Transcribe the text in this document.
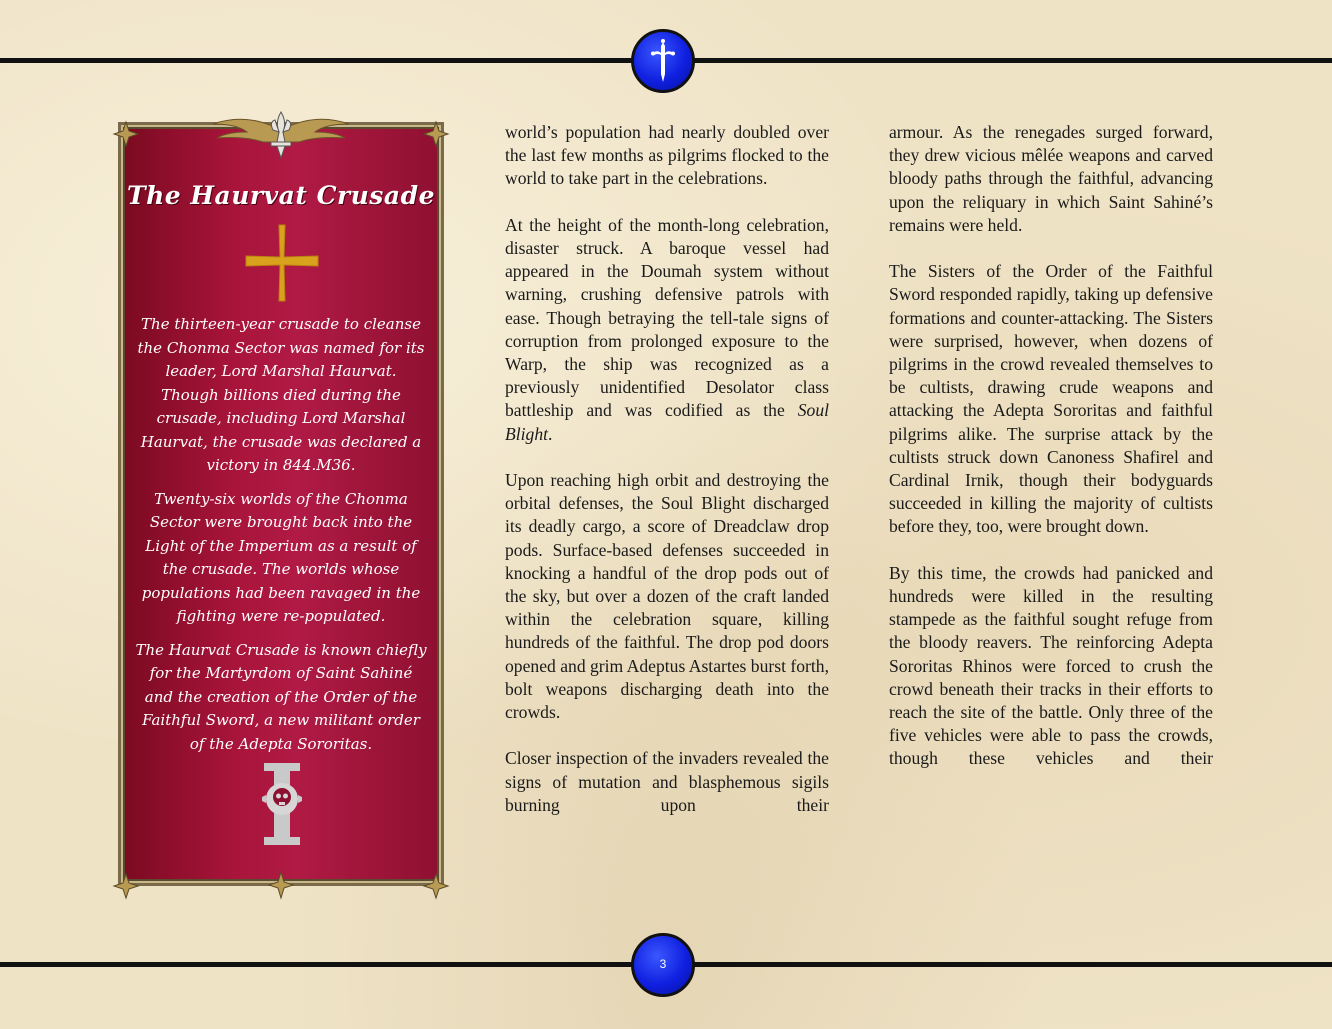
3
The Haurvat Crusade

The thirteen-year crusade to cleanse the Chonma Sector was named for its leader, Lord Marshal Haurvat. Though billions died during the crusade, including Lord Marshal Haurvat, the crusade was declared a victory in 844.M36.

Twenty-six worlds of the Chonma Sector were brought back into the Light of the Imperium as a result of the crusade. The worlds whose populations had been ravaged in the fighting were re-populated.

The Haurvat Crusade is known chiefly for the Martyrdom of Saint Sahiné and the creation of the Order of the Faithful Sword, a new militant order of the Adepta Sororitas.

world’s population had nearly doubled over the last few months as pilgrims flocked to the world to take part in the celebrations.

At the height of the month-long celebration, disaster struck. A baroque vessel had appeared in the Doumah system without warning, crushing defensive patrols with ease. Though betraying the tell-tale signs of corruption from prolonged exposure to the Warp, the ship was recognized as a previously unidentified Desolator class battleship and was codified as the Soul Blight.

Upon reaching high orbit and destroying the orbital defenses, the Soul Blight discharged its deadly cargo, a score of Dreadclaw drop pods. Surface-based defenses succeeded in knocking a handful of the drop pods out of the sky, but over a dozen of the craft landed within the celebration square, killing hundreds of the faithful. The drop pod doors opened and grim Adeptus Astartes burst forth, bolt weapons discharging death into the crowds.

Closer inspection of the invaders revealed the signs of mutation and blasphemous sigils burning upon their

armour. As the renegades surged forward, they drew vicious mêlée weapons and carved bloody paths through the faithful, advancing upon the reliquary in which Saint Sahiné’s remains were held.

The Sisters of the Order of the Faithful Sword responded rapidly, taking up defensive formations and counter-attacking. The Sisters were surprised, however, when dozens of pilgrims in the crowd revealed themselves to be cultists, drawing crude weapons and attacking the Adepta Sororitas and faithful pilgrims alike. The surprise attack by the cultists struck down Canoness Shafirel and Cardinal Irnik, though their bodyguards succeeded in killing the majority of cultists before they, too, were brought down.

By this time, the crowds had panicked and hundreds were killed in the resulting stampede as the faithful sought refuge from the bloody reavers. The reinforcing Adepta Sororitas Rhinos were forced to crush the crowd beneath their tracks in their efforts to reach the site of the battle. Only three of the five vehicles were able to pass the crowds, though these vehicles and their
